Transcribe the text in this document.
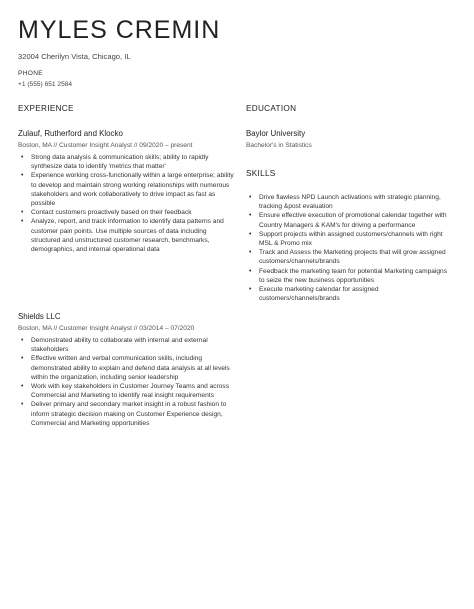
MYLES CREMIN
32004 Cherilyn Vista, Chicago, IL
PHONE
+1 (555) 651 2584
EXPERIENCE
Zulauf, Rutherford and Klocko
Boston, MA // Customer Insight Analyst // 09/2020 – present
• Strong data analysis & communication skills; ability to rapidly synthesize data to identify 'metrics that matter'
• Experience working cross-functionally within a large enterprise; ability to develop and maintain strong working relationships with numerous stakeholders and work collaboratively to drive impact as fast as possible
• Contact customers proactively based on their feedback
• Analyze, report, and track information to identify data patterns and customer pain points. Use multiple sources of data including structured and unstructured customer research, benchmarks, demographics, and internal operational data
Shields LLC
Boston, MA // Customer Insight Analyst // 03/2014 – 07/2020
• Demonstrated ability to collaborate with internal and external stakeholders
• Effective written and verbal communication skills, including demonstrated ability to explain and defend data analysis at all levels within the organization, including senior leadership
• Work with key stakeholders in Customer Journey Teams and across Commercial and Marketing to identify real insight requirements
• Deliver primary and secondary market insight in a robust fashion to inform strategic decision making on Customer Experience design, Commercial and Marketing opportunities
EDUCATION
Baylor University
Bachelor's in Statistics
SKILLS
• Drive flawless NPD Launch activations with strategic planning, tracking &post evaluation
• Ensure effective execution of promotional calendar together with Country Managers & KAM's for driving a performance
• Support projects within assigned customers/channels with right MSL & Promo mix
• Track and Assess the Marketing projects that will grow assigned customers/channels/brands
• Feedback the marketing team for potential Marketing campaigns to seize the new business opportunities
• Execute marketing calendar for assigned customers/channels/brands
